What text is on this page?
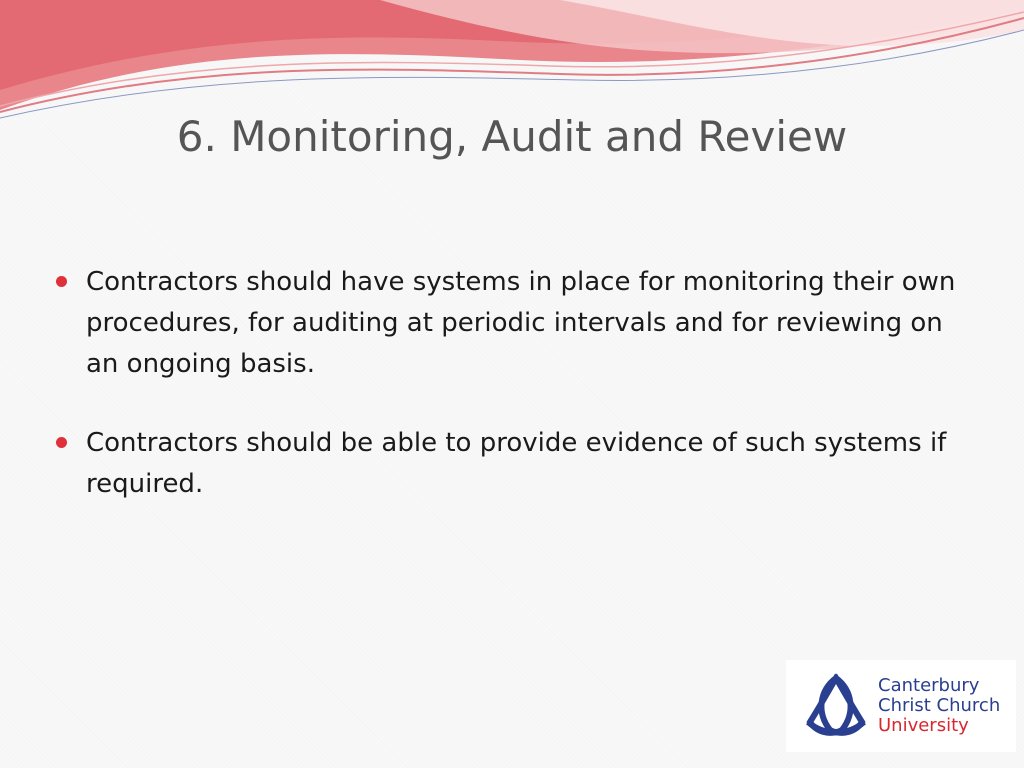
6. Monitoring, Audit and Review
Contractors should have systems in place for monitoring their own procedures, for auditing at periodic intervals and for reviewing on an ongoing basis.
Contractors should be able to provide evidence of such systems if required.
Canterbury
Christ Church
University
